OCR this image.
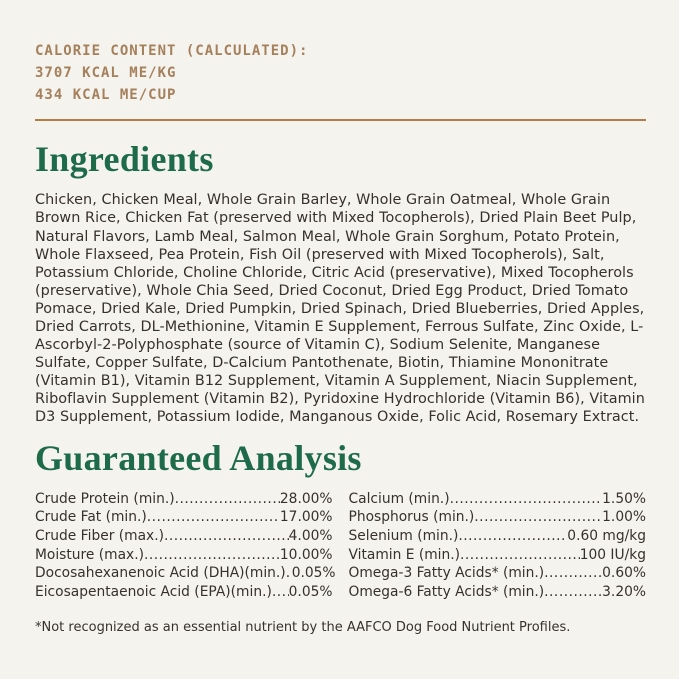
CALORIE CONTENT (CALCULATED):
3707 KCAL ME/KG
434 KCAL ME/CUP
Ingredients

Chicken, Chicken Meal, Whole Grain Barley, Whole Grain Oatmeal, Whole Grain Brown Rice, Chicken Fat (preserved with Mixed Tocopherols), Dried Plain Beet Pulp, Natural Flavors, Lamb Meal, Salmon Meal, Whole Grain Sorghum, Potato Protein, Whole Flaxseed, Pea Protein, Fish Oil (preserved with Mixed Tocopherols), Salt, Potassium Chloride, Choline Chloride, Citric Acid (preservative), Mixed Tocopherols (preservative), Whole Chia Seed, Dried Coconut, Dried Egg Product, Dried Tomato Pomace, Dried Kale, Dried Pumpkin, Dried Spinach, Dried Blueberries, Dried Apples, Dried Carrots, DL-Methionine, Vitamin E Supplement, Ferrous Sulfate, Zinc Oxide, L-Ascorbyl-2-Polyphosphate (source of Vitamin C), Sodium Selenite, Manganese Sulfate, Copper Sulfate, D-Calcium Pantothenate, Biotin, Thiamine Mononitrate (Vitamin B1), Vitamin B12 Supplement, Vitamin A Supplement, Niacin Supplement, Riboflavin Supplement (Vitamin B2), Pyridoxine Hydrochloride (Vitamin B6), Vitamin D3 Supplement, Potassium Iodide, Manganous Oxide, Folic Acid, Rosemary Extract.

Guaranteed Analysis
Crude Protein (min.) .....	28.00%
Crude Fat (min.) .....	17.00%
Crude Fiber (max.) .....	4.00%
Moisture (max.) .....	10.00%
Docosahexanenoic Acid (DHA)(min.) ..... 0.05%
Eicosapentaenoic Acid (EPA)(min.) ..... 0.05%
Calcium (min.) .....	1.50%
Phosphorus (min.) .....	1.00%
Selenium (min.) .....	0.60 mg/kg
Vitamin E (min.) .....	100 IU/kg
Omega-3 Fatty Acids* (min.) .....	0.60%
Omega-6 Fatty Acids* (min.) .....	3.20%

*Not recognized as an essential nutrient by the AAFCO Dog Food Nutrient Profiles.
